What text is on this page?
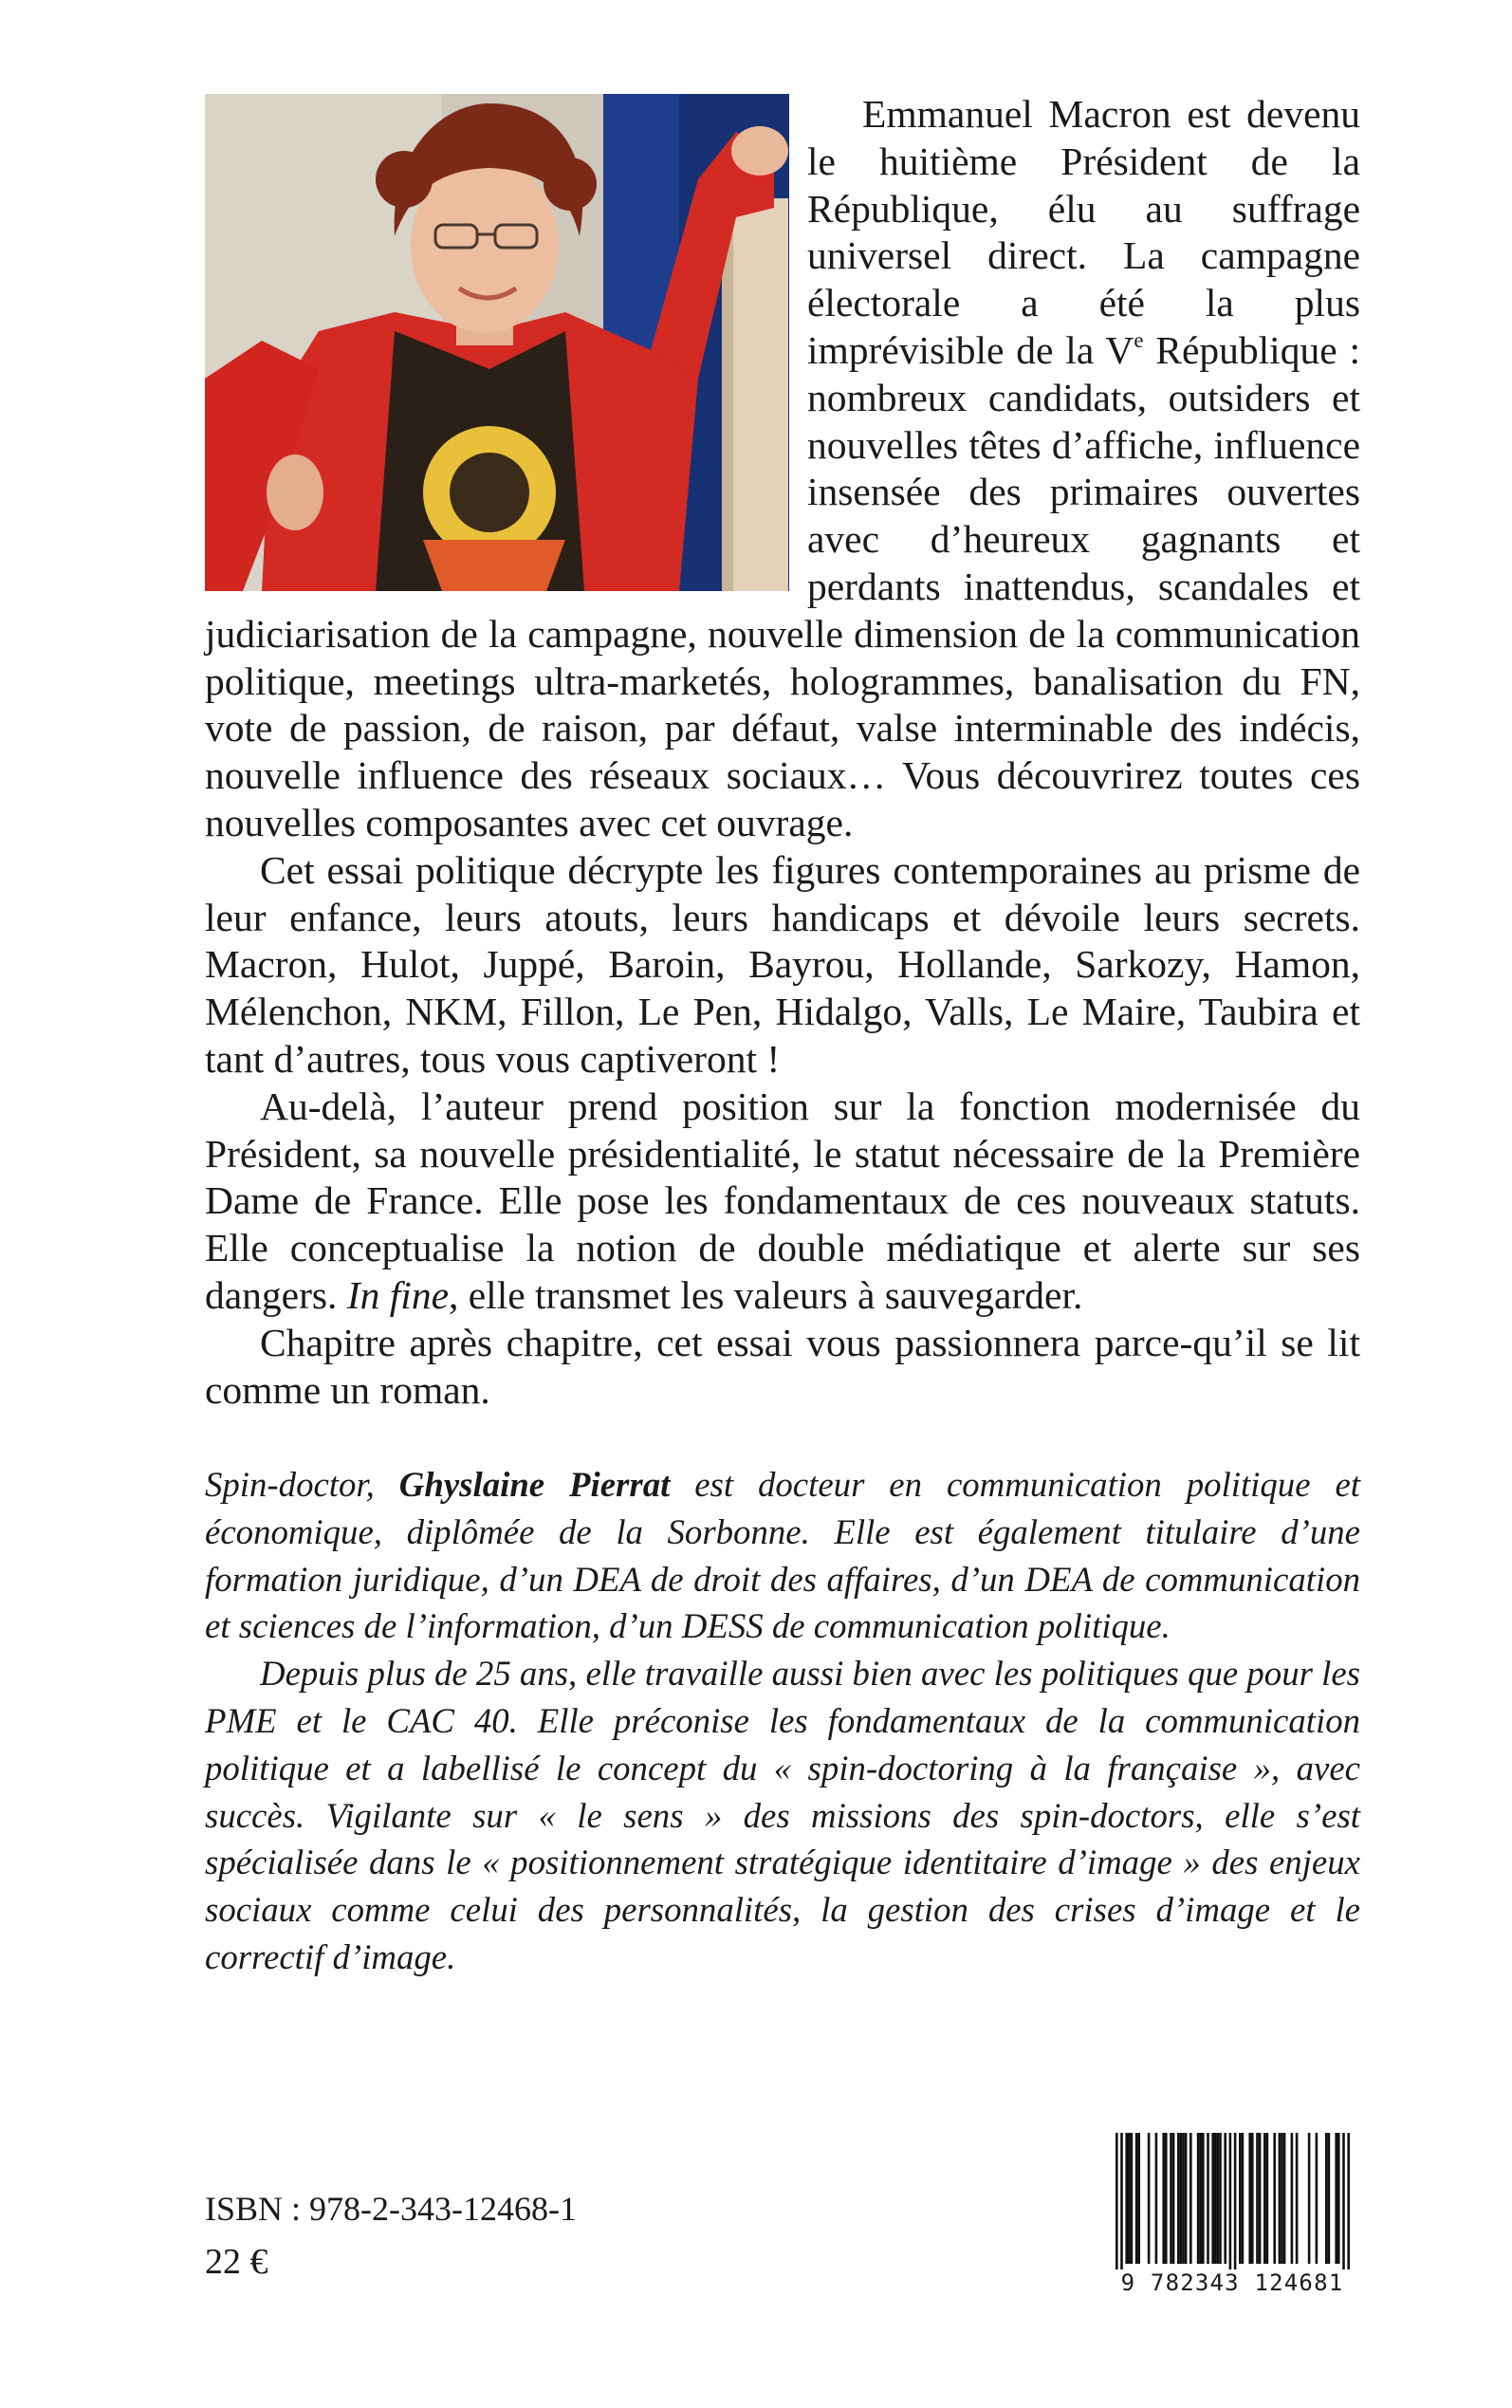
Emmanuel Macron est devenu le huitième Président de la République, élu au suffrage universel direct. La campagne électorale a été la plus imprévisible de la Ve République : nombreux candidats, outsiders et nouvelles têtes d’affiche, influence insensée des primaires ouvertes avec d’heureux gagnants et perdants inattendus, scandales et judiciarisation de la campagne, nouvelle dimension de la communication politique, meetings ultra-marketés, hologrammes, banalisation du FN, vote de passion, de raison, par défaut, valse interminable des indécis, nouvelle influence des réseaux sociaux… Vous découvrirez toutes ces nouvelles composantes avec cet ouvrage.

Cet essai politique décrypte les figures contemporaines au prisme de leur enfance, leurs atouts, leurs handicaps et dévoile leurs secrets. Macron, Hulot, Juppé, Baroin, Bayrou, Hollande, Sarkozy, Hamon, Mélenchon, NKM, Fillon, Le Pen, Hidalgo, Valls, Le Maire, Taubira et tant d’autres, tous vous captiveront !

Au-delà, l’auteur prend position sur la fonction modernisée du Président, sa nouvelle présidentialité, le statut nécessaire de la Première Dame de France. Elle pose les fondamentaux de ces nouveaux statuts. Elle conceptualise la notion de double médiatique et alerte sur ses dangers. In fine, elle transmet les valeurs à sauvegarder.

Chapitre après chapitre, cet essai vous passionnera parce-qu’il se lit comme un roman.

Spin-doctor, Ghyslaine Pierrat est docteur en communication politique et économique, diplômée de la Sorbonne. Elle est également titulaire d’une formation juridique, d’un DEA de droit des affaires, d’un DEA de communication et sciences de l’information, d’un DESS de communication politique.

Depuis plus de 25 ans, elle travaille aussi bien avec les politiques que pour les PME et le CAC 40. Elle préconise les fondamentaux de la communication politique et a labellisé le concept du « spin-doctoring à la française », avec succès. Vigilante sur « le sens » des missions des spin-doctors, elle s’est spécialisée dans le « positionnement stratégique identitaire d’image » des enjeux sociaux comme celui des personnalités, la gestion des crises d’image et le correctif d’image.

ISBN : 978-2-343-12468-1
22 €
9 782343 124681
